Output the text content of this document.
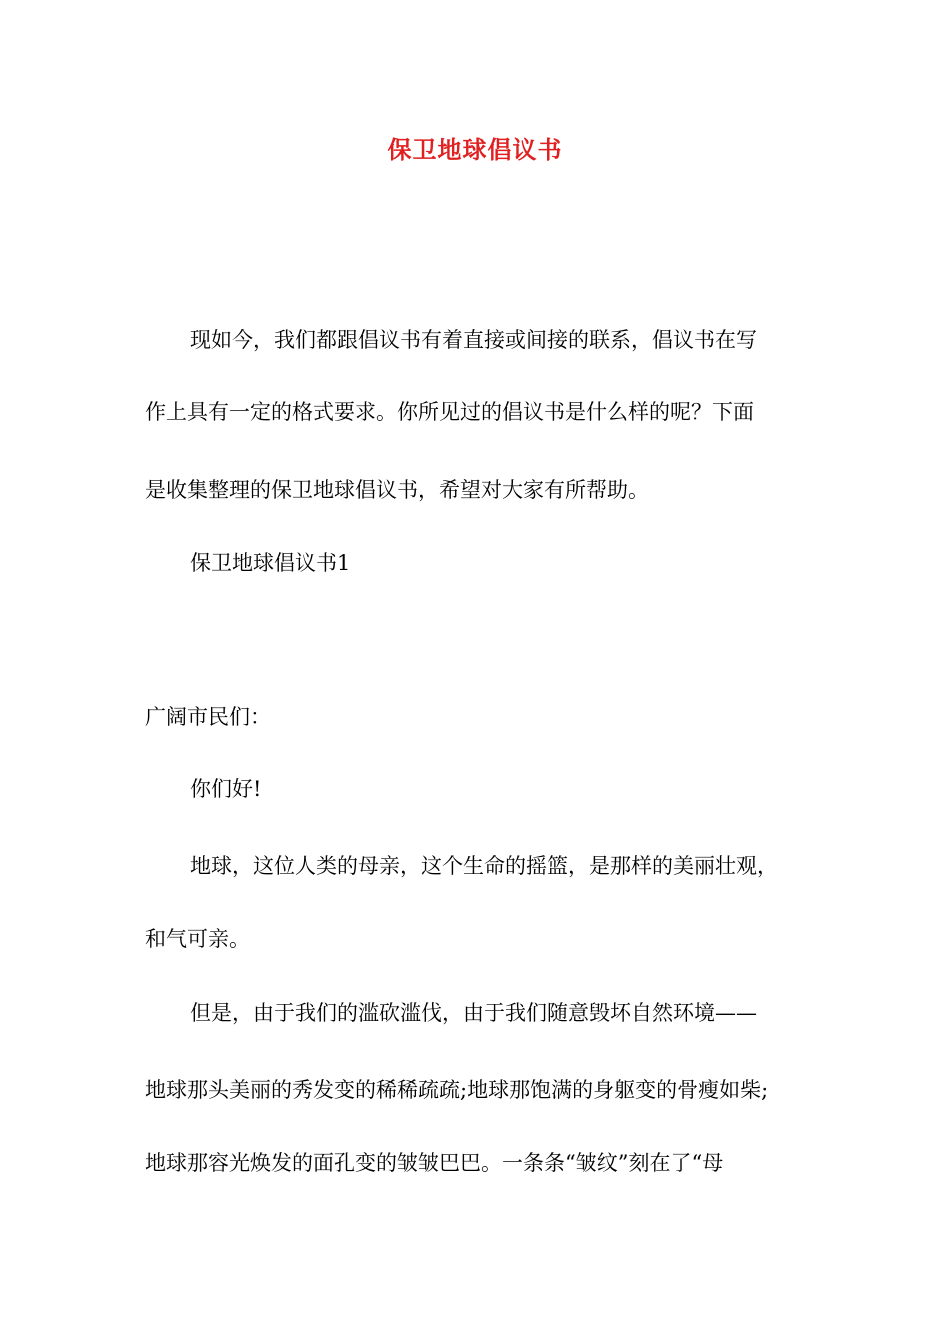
保卫地球倡议书
现如今，我们都跟倡议书有着直接或间接的联系，倡议书在写
作上具有一定的格式要求。你所见过的倡议书是什么样的呢？下面
是收集整理的保卫地球倡议书，希望对大家有所帮助。
保卫地球倡议书1
广阔市民们：
你们好!
地球，这位人类的母亲，这个生命的摇篮，是那样的美丽壮观，
和气可亲。
但是，由于我们的滥砍滥伐，由于我们随意毁坏自然环境——
地球那头美丽的秀发变的稀稀疏疏;地球那饱满的身躯变的骨瘦如柴;
地球那容光焕发的面孔变的皱皱巴巴。一条条“皱纹”刻在了“母
